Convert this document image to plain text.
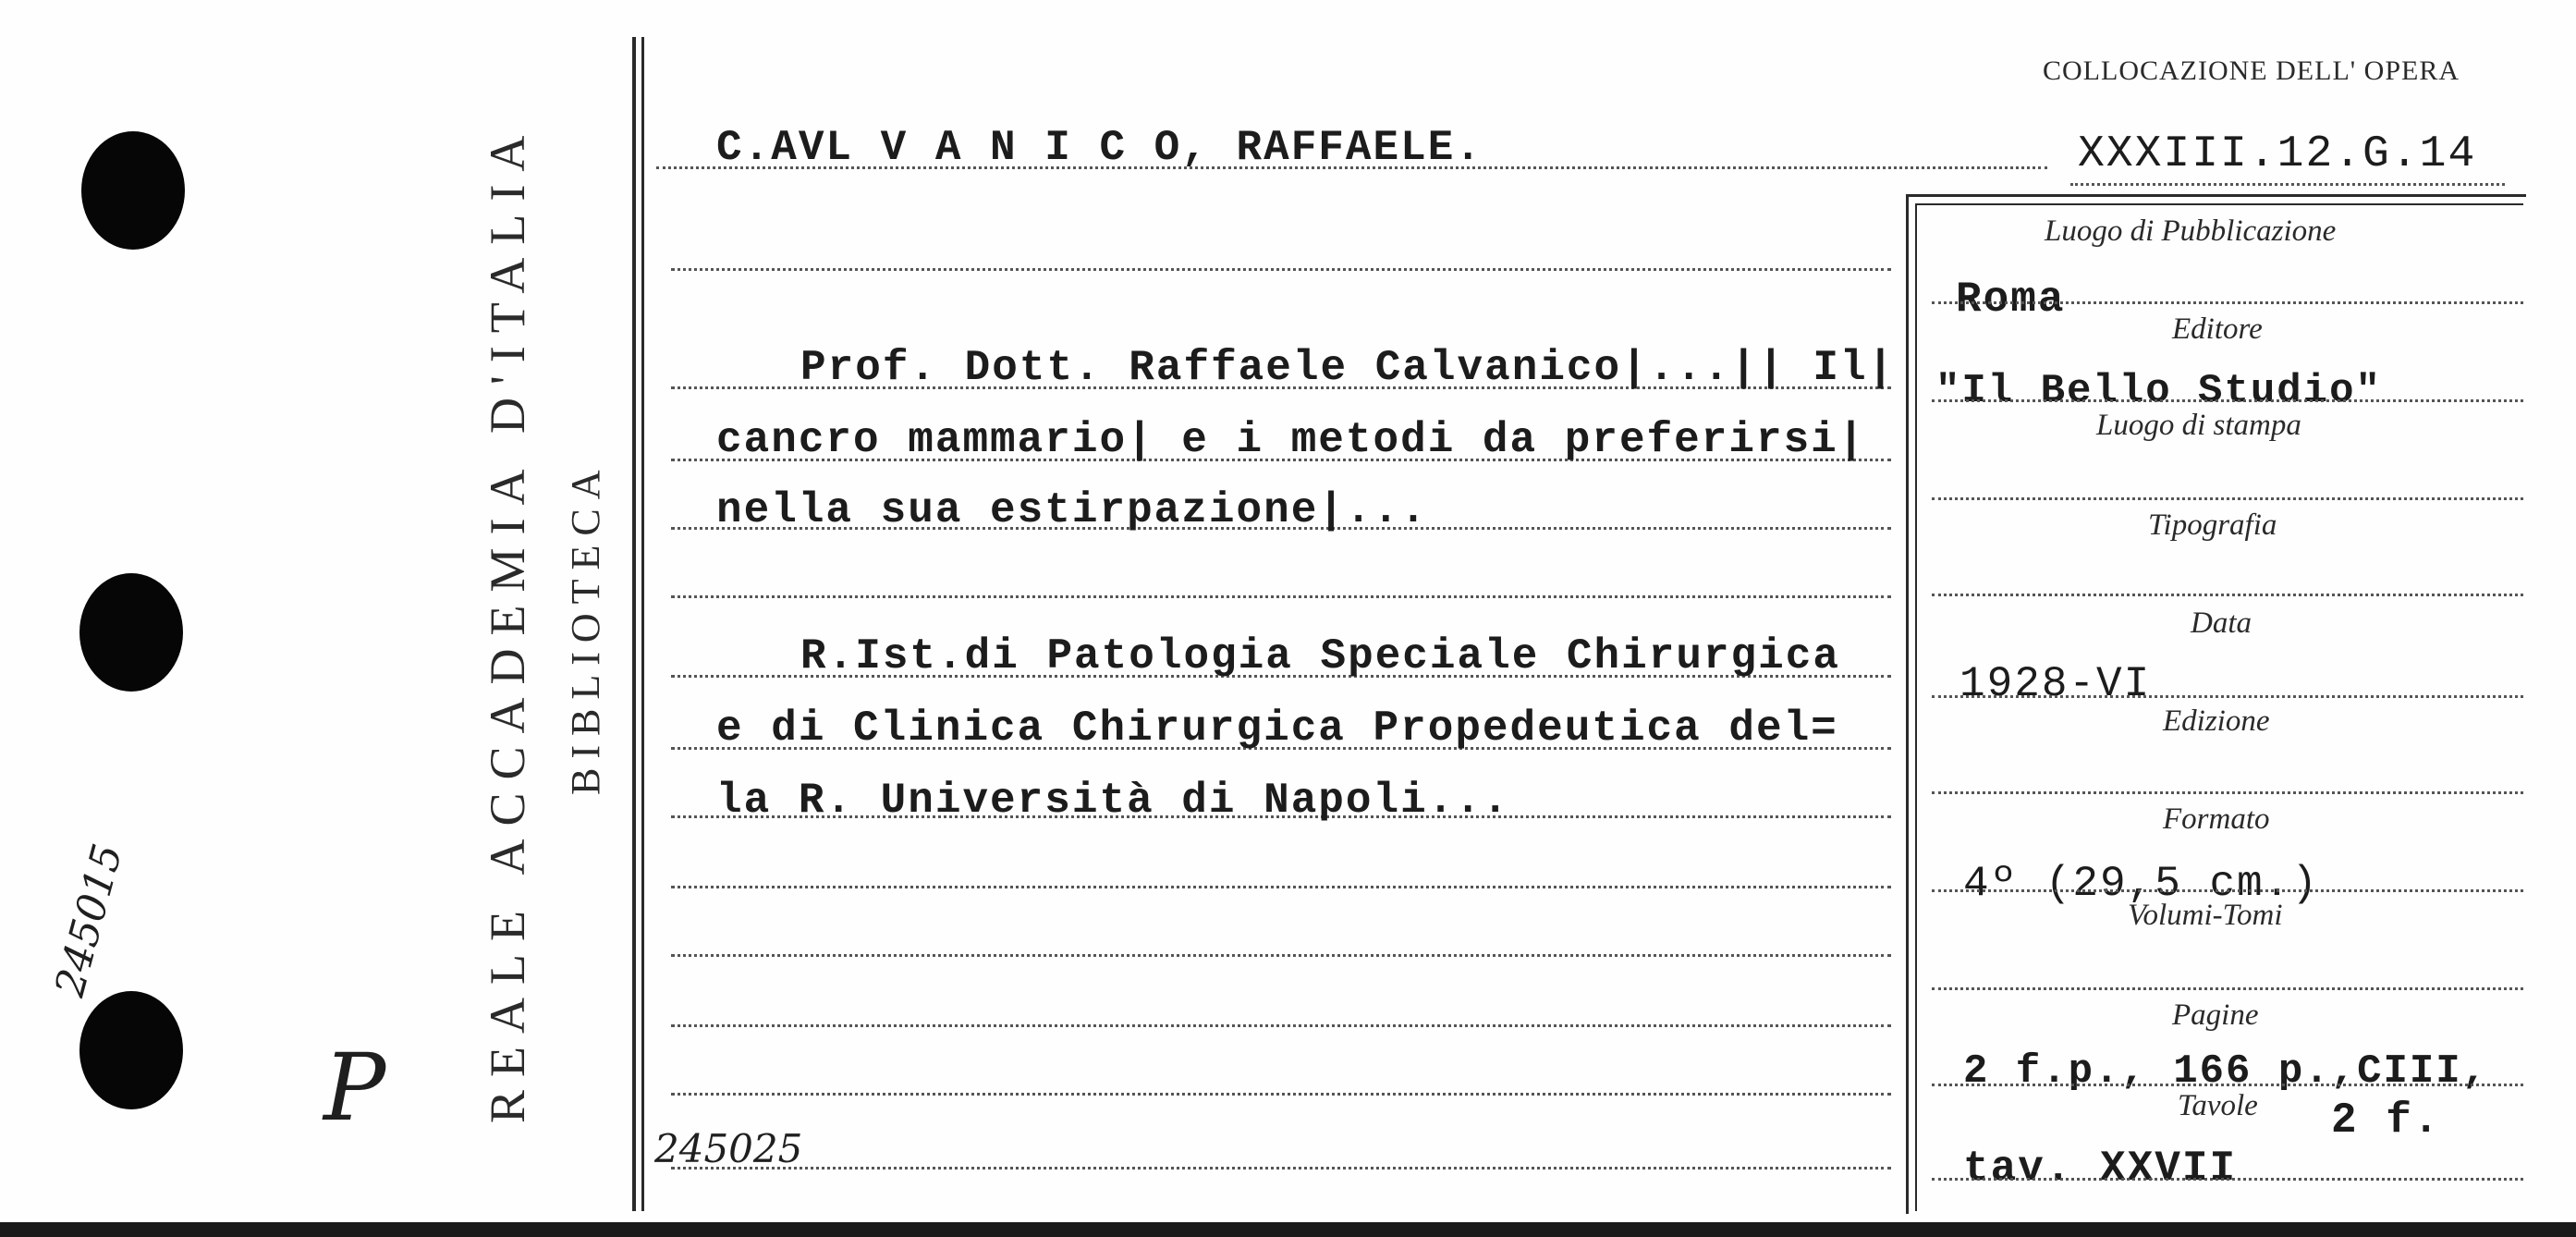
245015
P REALE ACCADEMIA D'ITALIA BIBLIOTECA
COLLOCAZIONE DELL' OPERA
XXXIII.12.G.14
C.AVL V A N I C O, RAFFAELE.
Prof. Dott. Raffaele Calvanico|...|| Il|
cancro mammario| e i metodi da preferirsi|
nella sua estirpazione|...
R.Ist.di Patologia Speciale Chirurgica
e di Clinica Chirurgica Propedeutica del=
la R. Università di Napoli...
245025
Luogo di Pubblicazione
Roma
Editore
"Il Bello Studio"
Luogo di stampa
Tipografia
Data
1928-VI
Edizione
Formato
4º (29,5 cm.)
Volumi-Tomi
Pagine
2 f.p., 166 p.,CIII,
Tavole 2 f.
tav. XXVII
